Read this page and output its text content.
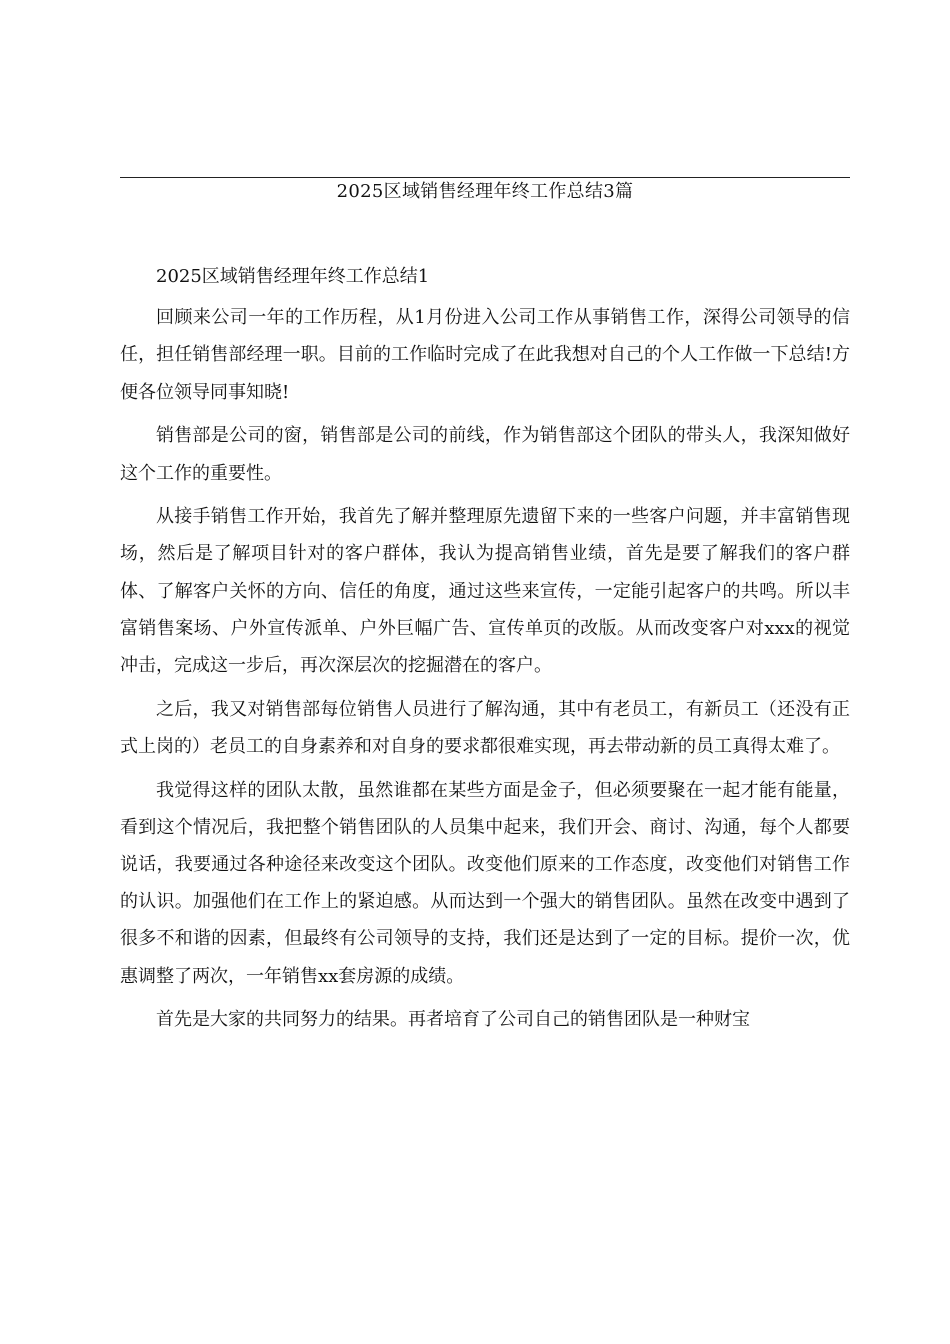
2025区域销售经理年终工作总结3篇

2025区域销售经理年终工作总结1

回顾来公司一年的工作历程，从1月份进入公司工作从事销售工作，深得公司领导的信任，担任销售部经理一职。目前的工作临时完成了在此我想对自己的个人工作做一下总结!方便各位领导同事知晓!

销售部是公司的窗，销售部是公司的前线，作为销售部这个团队的带头人，我深知做好这个工作的重要性。

从接手销售工作开始，我首先了解并整理原先遗留下来的一些客户问题，并丰富销售现场，然后是了解项目针对的客户群体，我认为提高销售业绩，首先是要了解我们的客户群体、了解客户关怀的方向、信任的角度，通过这些来宣传，一定能引起客户的共鸣。所以丰富销售案场、户外宣传派单、户外巨幅广告、宣传单页的改版。从而改变客户对xxx的视觉冲击，完成这一步后，再次深层次的挖掘潜在的客户。

之后，我又对销售部每位销售人员进行了解沟通，其中有老员工，有新员工（还没有正式上岗的）老员工的自身素养和对自身的要求都很难实现，再去带动新的员工真得太难了。

我觉得这样的团队太散，虽然谁都在某些方面是金子，但必须要聚在一起才能有能量，看到这个情况后，我把整个销售团队的人员集中起来，我们开会、商讨、沟通，每个人都要说话，我要通过各种途径来改变这个团队。改变他们原来的工作态度，改变他们对销售工作的认识。加强他们在工作上的紧迫感。从而达到一个强大的销售团队。虽然在改变中遇到了很多不和谐的因素，但最终有公司领导的支持，我们还是达到了一定的目标。提价一次，优惠调整了两次，一年销售xx套房源的成绩。

首先是大家的共同努力的结果。再者培育了公司自己的销售团队是一种财宝
